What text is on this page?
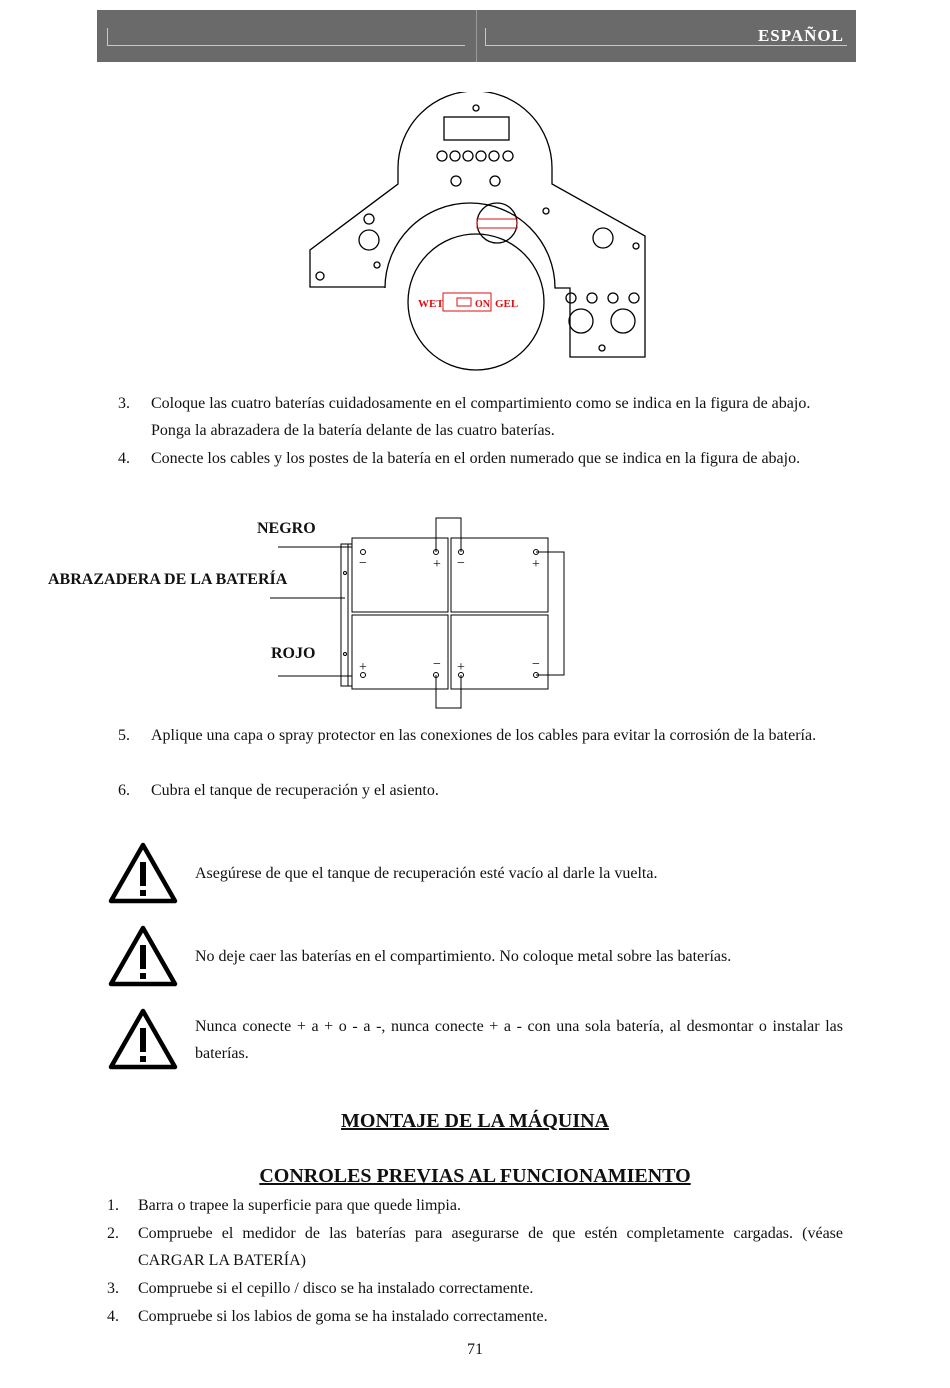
ESPAÑOL
WET	ON GEL
3. Coloque las cuatro baterías cuidadosamente en el compartimiento como se indica en la figura de abajo. Ponga la abrazadera de la batería delante de las cuatro baterías.
4. Conecte los cables y los postes de la batería en el orden numerado que se indica en la figura de abajo.
NEGRO
ABRAZADERA DE LA BATERÍA
ROJO
−	+ −	+
+	− +	−
5. Aplique una capa o spray protector en las conexiones de los cables para evitar la corrosión de la batería.
6. Cubra el tanque de recuperación y el asiento.
Asegúrese de que el tanque de recuperación esté vacío al darle la vuelta.
No deje caer las baterías en el compartimiento. No coloque metal sobre las baterías.
Nunca conecte + a + o - a -, nunca conecte + a - con una sola batería, al desmontar o instalar las baterías.
MONTAJE DE LA MÁQUINA
CONROLES PREVIAS AL FUNCIONAMIENTO
1. Barra o trapee la superficie para que quede limpia.
2. Compruebe el medidor de las baterías para asegurarse de que estén completamente cargadas. (véase CARGAR LA BATERÍA)
3. Compruebe si el cepillo / disco se ha instalado correctamente.
4. Compruebe si los labios de goma se ha instalado correctamente.
71
